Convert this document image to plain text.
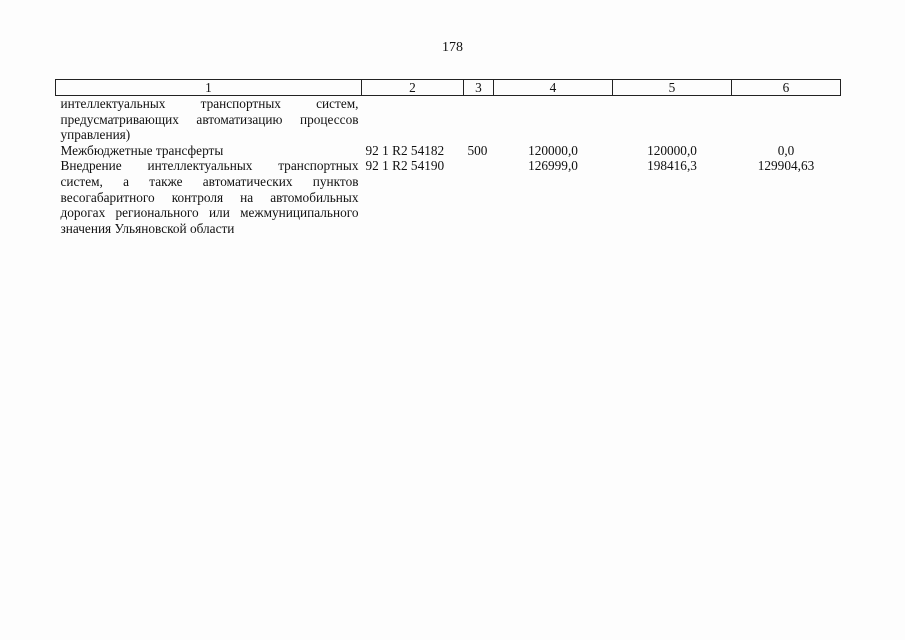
178
1	2	3	4	5	6
интеллектуальных транспортных систем, предусматривающих автоматизацию процессов управления)					
Межбюджетные трансферты	92 1 R2 54182	500	120000,0	120000,0	0,0
Внедрение интеллектуальных транспортных систем, а также автоматических пунктов весогабаритного контроля на автомобильных дорогах регионального или межмуниципального значения Ульяновской области	92 1 R2 54190		126999,0	198416,3	129904,63
